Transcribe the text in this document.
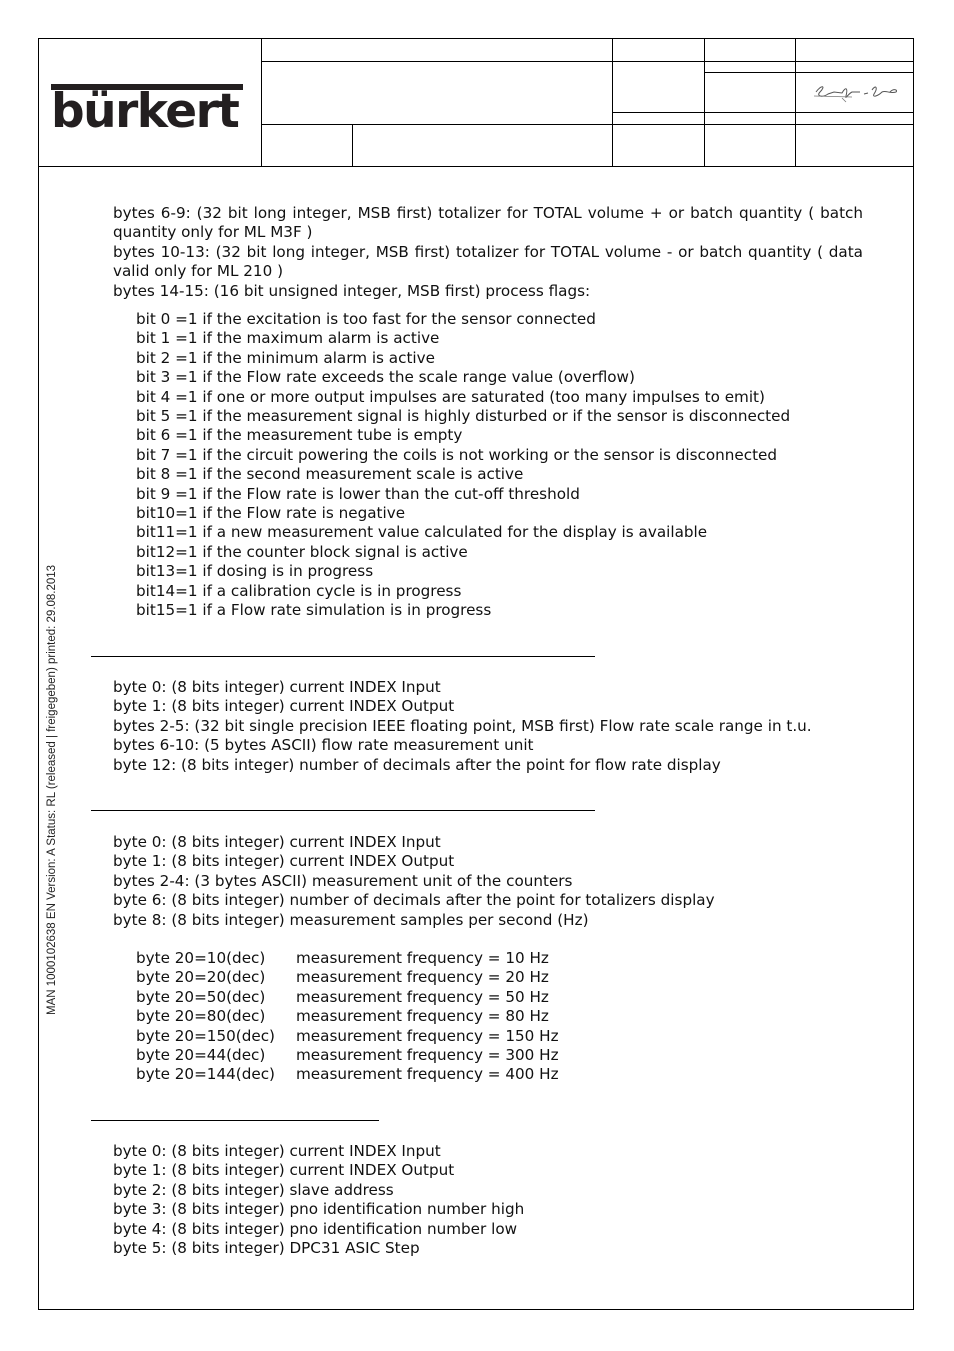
bürkert
MAN 1000102638 EN Version: A Status: RL (released | freigegeben) printed: 29.08.2013
bytes 6-9: (32 bit long integer, MSB first) totalizer for TOTAL volume + or batch quantity ( batch quantity only for ML M3F )
bytes 10-13: (32 bit long integer, MSB first) totalizer for TOTAL volume - or batch quantity ( data valid only for ML 210 )
bytes 14-15: (16 bit unsigned integer, MSB first) process flags:
bit 0 =1 if the excitation is too fast for the sensor connected
bit 1 =1 if the maximum alarm is active
bit 2 =1 if the minimum alarm is active
bit 3 =1 if the Flow rate exceeds the scale range value (overflow)
bit 4 =1 if one or more output impulses are saturated (too many impulses to emit)
bit 5 =1 if the measurement signal is highly disturbed or if the sensor is disconnected
bit 6 =1 if the measurement tube is empty
bit 7 =1 if the circuit powering the coils is not working or the sensor is disconnected
bit 8 =1 if the second measurement scale is active
bit 9 =1 if the Flow rate is lower than the cut-off threshold
bit10=1 if the Flow rate is negative
bit11=1 if a new measurement value calculated for the display is available
bit12=1 if the counter block signal is active
bit13=1 if dosing is in progress
bit14=1 if a calibration cycle is in progress
bit15=1 if a Flow rate simulation is in progress
byte 0: (8 bits integer) current INDEX Input
byte 1: (8 bits integer) current INDEX Output
bytes 2-5: (32 bit single precision IEEE floating point, MSB first) Flow rate scale range in t.u.
bytes 6-10: (5 bytes ASCII) flow rate measurement unit
byte 12: (8 bits integer) number of decimals after the point for flow rate display
byte 0: (8 bits integer) current INDEX Input
byte 1: (8 bits integer) current INDEX Output
bytes 2-4: (3 bytes ASCII) measurement unit of the counters
byte 6: (8 bits integer) number of decimals after the point for totalizers display
byte 8: (8 bits integer) measurement samples per second (Hz)
byte 20=10(dec) measurement frequency = 10 Hz
byte 20=20(dec) measurement frequency = 20 Hz
byte 20=50(dec) measurement frequency = 50 Hz
byte 20=80(dec) measurement frequency = 80 Hz
byte 20=150(dec) measurement frequency = 150 Hz
byte 20=44(dec) measurement frequency = 300 Hz
byte 20=144(dec) measurement frequency = 400 Hz
byte 0: (8 bits integer) current INDEX Input
byte 1: (8 bits integer) current INDEX Output
byte 2: (8 bits integer) slave address
byte 3: (8 bits integer) pno identification number high
byte 4: (8 bits integer) pno identification number low
byte 5: (8 bits integer) DPC31 ASIC Step
